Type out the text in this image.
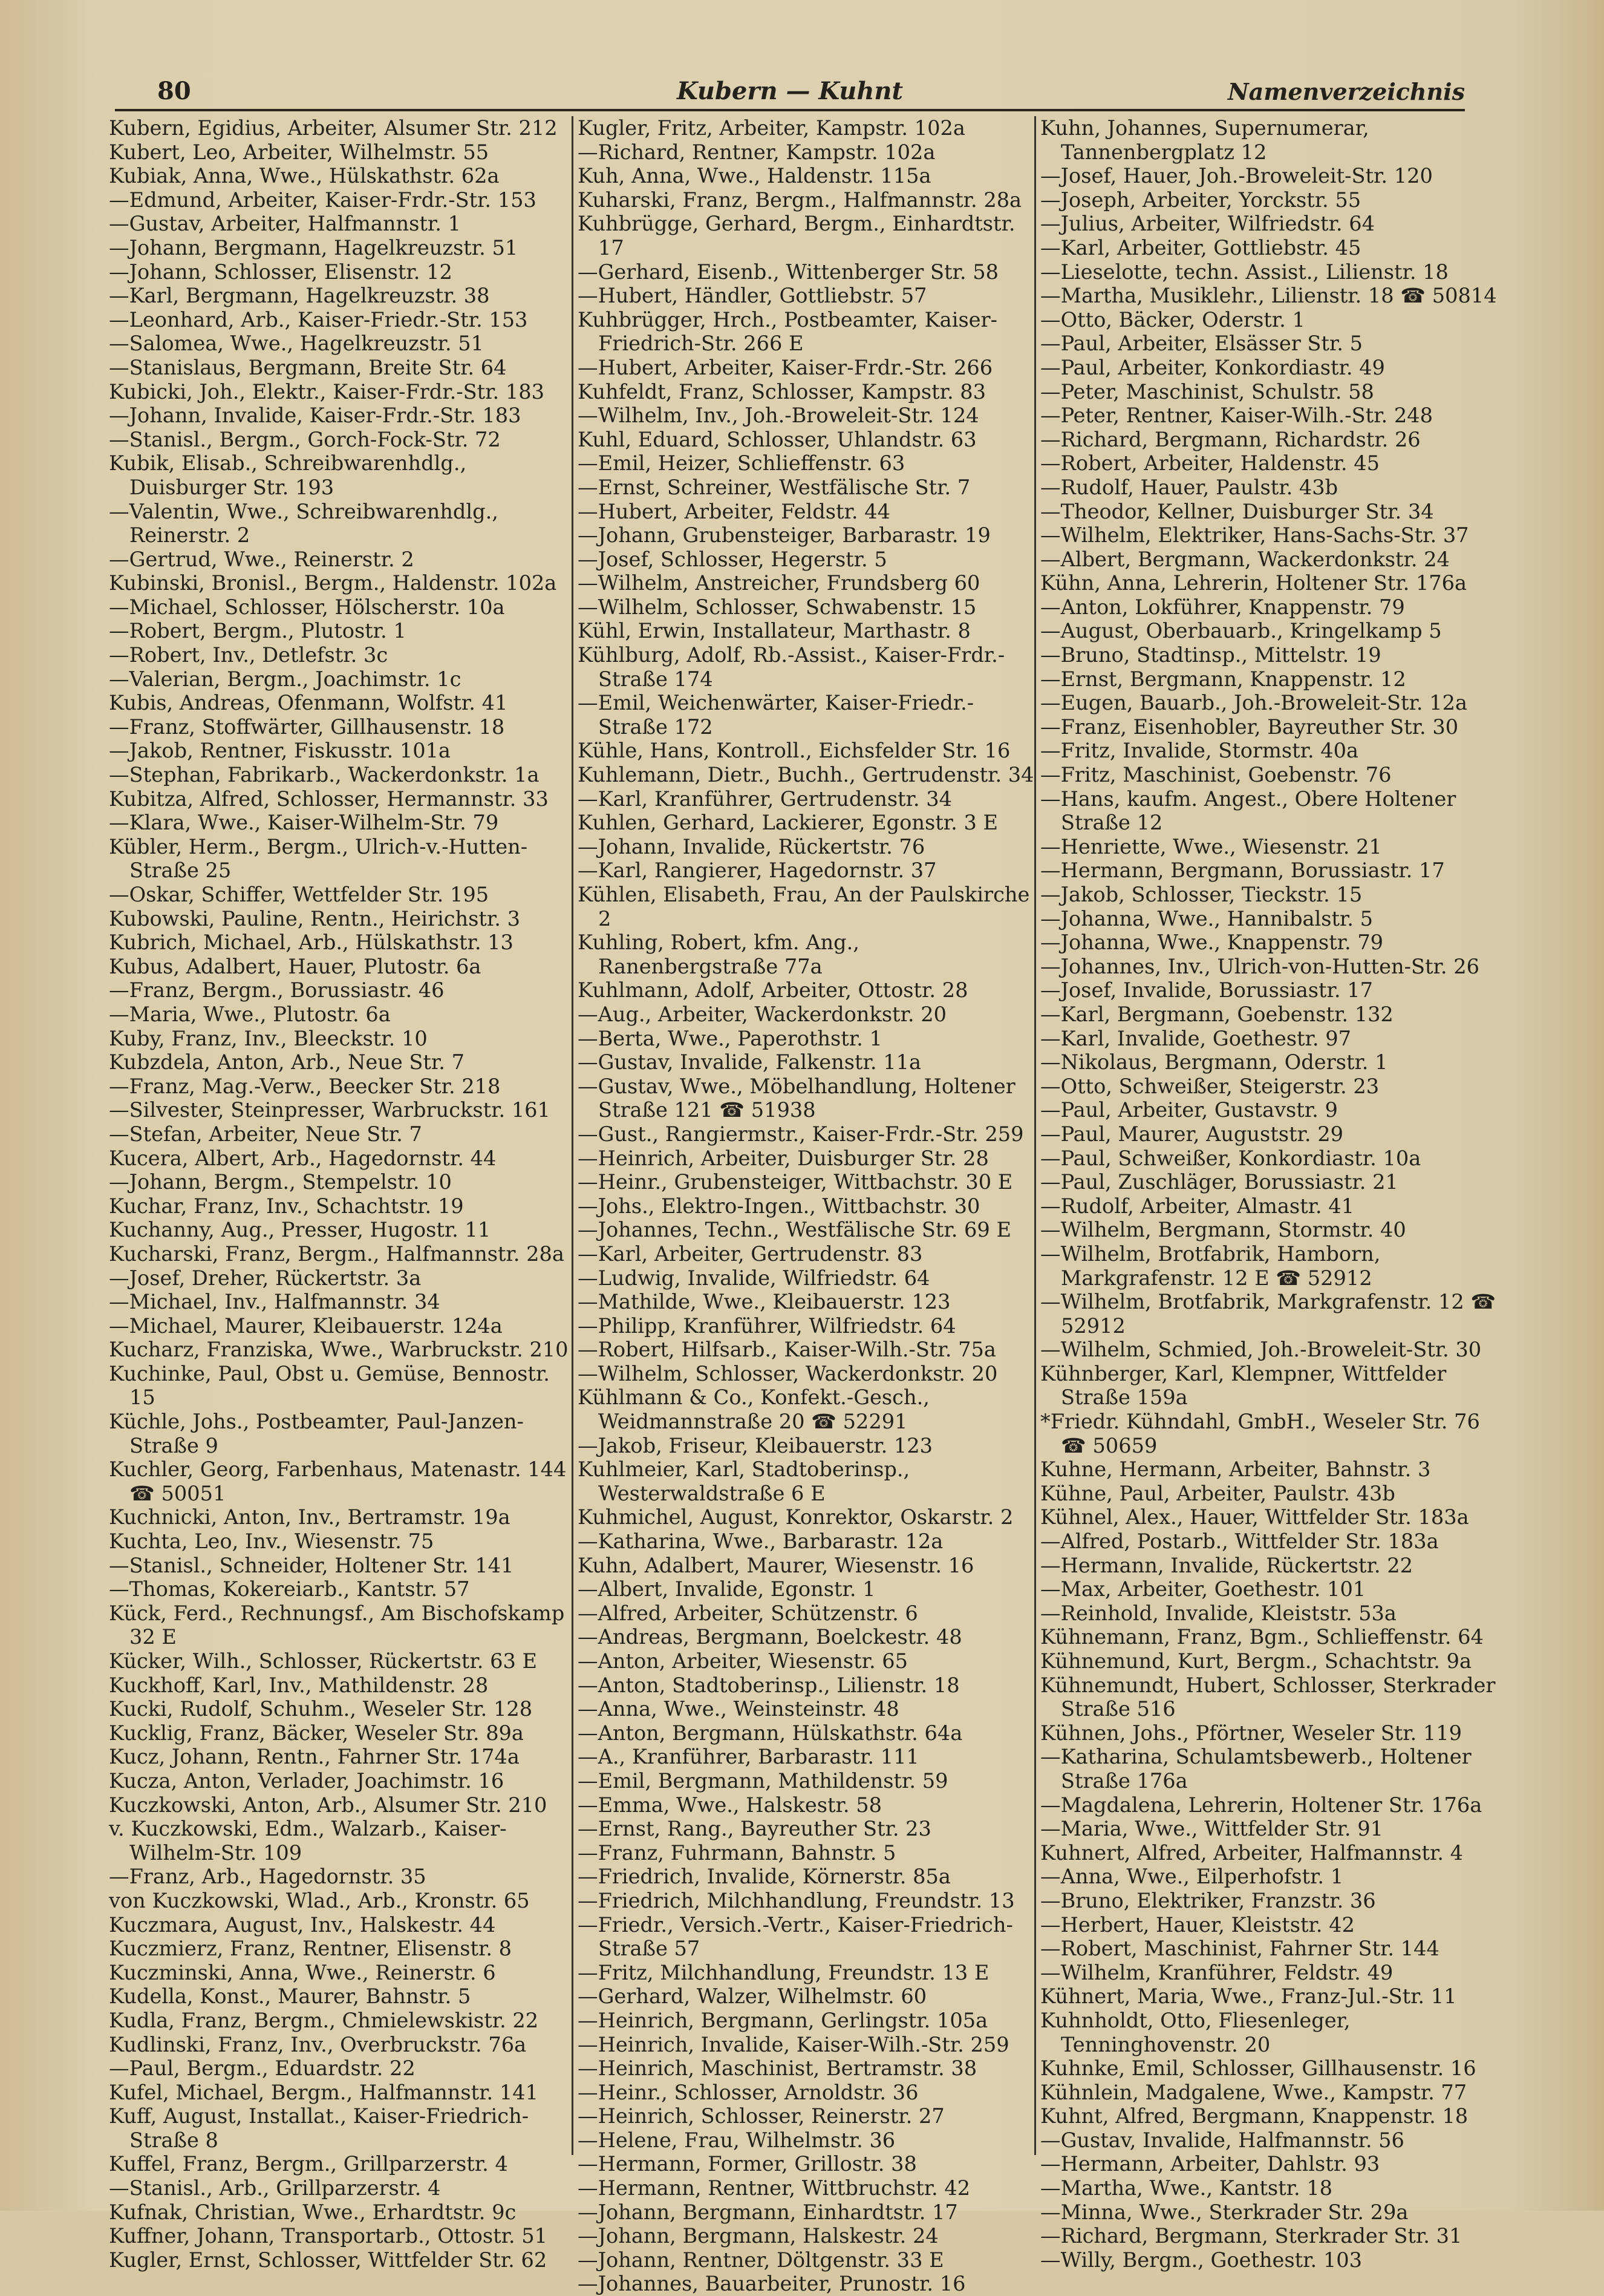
80	Kubern — Kuhnt	Namenverzeichnis
Kubern, Egidius, Arbeiter, Alsumer Str. 212
Kubert, Leo, Arbeiter, Wilhelmstr. 55
Kubiak, Anna, Wwe., Hülskathstr. 62a
—Edmund, Arbeiter, Kaiser-Frdr.-Str. 153
—Gustav, Arbeiter, Halfmannstr. 1
—Johann, Bergmann, Hagelkreuzstr. 51
—Johann, Schlosser, Elisenstr. 12
—Karl, Bergmann, Hagelkreuzstr. 38
—Leonhard, Arb., Kaiser-Friedr.-Str. 153
—Salomea, Wwe., Hagelkreuzstr. 51
—Stanislaus, Bergmann, Breite Str. 64
Kubicki, Joh., Elektr., Kaiser-Frdr.-Str. 183
—Johann, Invalide, Kaiser-Frdr.-Str. 183
—Stanisl., Bergm., Gorch-Fock-Str. 72
Kubik, Elisab., Schreibwarenhdlg., Duisburger Str. 193
—Valentin, Wwe., Schreibwarenhdlg., Reinerstr. 2
—Gertrud, Wwe., Reinerstr. 2
Kubinski, Bronisl., Bergm., Haldenstr. 102a
—Michael, Schlosser, Hölscherstr. 10a
—Robert, Bergm., Plutostr. 1
—Robert, Inv., Detlefstr. 3c
—Valerian, Bergm., Joachimstr. 1c
Kubis, Andreas, Ofenmann, Wolfstr. 41
—Franz, Stoffwärter, Gillhausenstr. 18
—Jakob, Rentner, Fiskusstr. 101a
—Stephan, Fabrikarb., Wackerdonkstr. 1a
Kubitza, Alfred, Schlosser, Hermannstr. 33
—Klara, Wwe., Kaiser-Wilhelm-Str. 79
Kübler, Herm., Bergm., Ulrich-v.-Hutten-Straße 25
—Oskar, Schiffer, Wettfelder Str. 195
Kubowski, Pauline, Rentn., Heirichstr. 3
Kubrich, Michael, Arb., Hülskathstr. 13
Kubus, Adalbert, Hauer, Plutostr. 6a
—Franz, Bergm., Borussiastr. 46
—Maria, Wwe., Plutostr. 6a
Kuby, Franz, Inv., Bleeckstr. 10
Kubzdela, Anton, Arb., Neue Str. 7
—Franz, Mag.-Verw., Beecker Str. 218
—Silvester, Steinpresser, Warbruckstr. 161
—Stefan, Arbeiter, Neue Str. 7
Kucera, Albert, Arb., Hagedornstr. 44
—Johann, Bergm., Stempelstr. 10
Kuchar, Franz, Inv., Schachtstr. 19
Kuchanny, Aug., Presser, Hugostr. 11
Kucharski, Franz, Bergm., Halfmannstr. 28a
—Josef, Dreher, Rückertstr. 3a
—Michael, Inv., Halfmannstr. 34
—Michael, Maurer, Kleibauerstr. 124a
Kucharz, Franziska, Wwe., Warbruckstr. 210
Kuchinke, Paul, Obst u. Gemüse, Bennostr. 15
Küchle, Johs., Postbeamter, Paul-Janzen-Straße 9
Kuchler, Georg, Farbenhaus, Matenastr. 144 ☎ 50051
Kuchnicki, Anton, Inv., Bertramstr. 19a
Kuchta, Leo, Inv., Wiesenstr. 75
—Stanisl., Schneider, Holtener Str. 141
—Thomas, Kokereiarb., Kantstr. 57
Kück, Ferd., Rechnungsf., Am Bischofskamp 32 E
Kücker, Wilh., Schlosser, Rückertstr. 63 E
Kuckhoff, Karl, Inv., Mathildenstr. 28
Kucki, Rudolf, Schuhm., Weseler Str. 128
Kucklig, Franz, Bäcker, Weseler Str. 89a
Kucz, Johann, Rentn., Fahrner Str. 174a
Kucza, Anton, Verlader, Joachimstr. 16
Kuczkowski, Anton, Arb., Alsumer Str. 210
v. Kuczkowski, Edm., Walzarb., Kaiser-Wilhelm-Str. 109
—Franz, Arb., Hagedornstr. 35
von Kuczkowski, Wlad., Arb., Kronstr. 65
Kuczmara, August, Inv., Halskestr. 44
Kuczmierz, Franz, Rentner, Elisenstr. 8
Kuczminski, Anna, Wwe., Reinerstr. 6
Kudella, Konst., Maurer, Bahnstr. 5
Kudla, Franz, Bergm., Chmielewskistr. 22
Kudlinski, Franz, Inv., Overbruckstr. 76a
—Paul, Bergm., Eduardstr. 22
Kufel, Michael, Bergm., Halfmannstr. 141
Kuff, August, Installat., Kaiser-Friedrich-Straße 8
Kuffel, Franz, Bergm., Grillparzerstr. 4
—Stanisl., Arb., Grillparzerstr. 4
Kufnak, Christian, Wwe., Erhardtstr. 9c
Kuffner, Johann, Transportarb., Ottostr. 51
Kugler, Ernst, Schlosser, Wittfelder Str. 62
Kugler, Fritz, Arbeiter, Kampstr. 102a
—Richard, Rentner, Kampstr. 102a
Kuh, Anna, Wwe., Haldenstr. 115a
Kuharski, Franz, Bergm., Halfmannstr. 28a
Kuhbrügge, Gerhard, Bergm., Einhardtstr. 17
—Gerhard, Eisenb., Wittenberger Str. 58
—Hubert, Händler, Gottliebstr. 57
Kuhbrügger, Hrch., Postbeamter, Kaiser-Friedrich-Str. 266 E
—Hubert, Arbeiter, Kaiser-Frdr.-Str. 266
Kuhfeldt, Franz, Schlosser, Kampstr. 83
—Wilhelm, Inv., Joh.-Broweleit-Str. 124
Kuhl, Eduard, Schlosser, Uhlandstr. 63
—Emil, Heizer, Schlieffenstr. 63
—Ernst, Schreiner, Westfälische Str. 7
—Hubert, Arbeiter, Feldstr. 44
—Johann, Grubensteiger, Barbarastr. 19
—Josef, Schlosser, Hegerstr. 5
—Wilhelm, Anstreicher, Frundsberg 60
—Wilhelm, Schlosser, Schwabenstr. 15
Kühl, Erwin, Installateur, Marthastr. 8
Kühlburg, Adolf, Rb.-Assist., Kaiser-Frdr.-Straße 174
—Emil, Weichenwärter, Kaiser-Friedr.-Straße 172
Kühle, Hans, Kontroll., Eichsfelder Str. 16
Kuhlemann, Dietr., Buchh., Gertrudenstr. 34
—Karl, Kranführer, Gertrudenstr. 34
Kuhlen, Gerhard, Lackierer, Egonstr. 3 E
—Johann, Invalide, Rückertstr. 76
—Karl, Rangierer, Hagedornstr. 37
Kühlen, Elisabeth, Frau, An der Paulskirche 2
Kuhling, Robert, kfm. Ang., Ranenbergstraße 77a
Kuhlmann, Adolf, Arbeiter, Ottostr. 28
—Aug., Arbeiter, Wackerdonkstr. 20
—Berta, Wwe., Paperothstr. 1
—Gustav, Invalide, Falkenstr. 11a
—Gustav, Wwe., Möbelhandlung, Holtener Straße 121 ☎ 51938
—Gust., Rangiermstr., Kaiser-Frdr.-Str. 259
—Heinrich, Arbeiter, Duisburger Str. 28
—Heinr., Grubensteiger, Wittbachstr. 30 E
—Johs., Elektro-Ingen., Wittbachstr. 30
—Johannes, Techn., Westfälische Str. 69 E
—Karl, Arbeiter, Gertrudenstr. 83
—Ludwig, Invalide, Wilfriedstr. 64
—Mathilde, Wwe., Kleibauerstr. 123
—Philipp, Kranführer, Wilfriedstr. 64
—Robert, Hilfsarb., Kaiser-Wilh.-Str. 75a
—Wilhelm, Schlosser, Wackerdonkstr. 20
Kühlmann & Co., Konfekt.-Gesch., Weidmannstraße 20 ☎ 52291
—Jakob, Friseur, Kleibauerstr. 123
Kuhlmeier, Karl, Stadtoberinsp., Westerwaldstraße 6 E
Kuhmichel, August, Konrektor, Oskarstr. 2
—Katharina, Wwe., Barbarastr. 12a
Kuhn, Adalbert, Maurer, Wiesenstr. 16
—Albert, Invalide, Egonstr. 1
—Alfred, Arbeiter, Schützenstr. 6
—Andreas, Bergmann, Boelckestr. 48
—Anton, Arbeiter, Wiesenstr. 65
—Anton, Stadtoberinsp., Lilienstr. 18
—Anna, Wwe., Weinsteinstr. 48
—Anton, Bergmann, Hülskathstr. 64a
—A., Kranführer, Barbarastr. 111
—Emil, Bergmann, Mathildenstr. 59
—Emma, Wwe., Halskestr. 58
—Ernst, Rang., Bayreuther Str. 23
—Franz, Fuhrmann, Bahnstr. 5
—Friedrich, Invalide, Körnerstr. 85a
—Friedrich, Milchhandlung, Freundstr. 13
—Friedr., Versich.-Vertr., Kaiser-Friedrich-Straße 57
—Fritz, Milchhandlung, Freundstr. 13 E
—Gerhard, Walzer, Wilhelmstr. 60
—Heinrich, Bergmann, Gerlingstr. 105a
—Heinrich, Invalide, Kaiser-Wilh.-Str. 259
—Heinrich, Maschinist, Bertramstr. 38
—Heinr., Schlosser, Arnoldstr. 36
—Heinrich, Schlosser, Reinerstr. 27
—Helene, Frau, Wilhelmstr. 36
—Hermann, Former, Grillostr. 38
—Hermann, Rentner, Wittbruchstr. 42
—Johann, Bergmann, Einhardtstr. 17
—Johann, Bergmann, Halskestr. 24
—Johann, Rentner, Döltgenstr. 33 E
—Johannes, Bauarbeiter, Prunostr. 16
Kuhn, Johannes, Supernumerar, Tannenbergplatz 12
—Josef, Hauer, Joh.-Broweleit-Str. 120
—Joseph, Arbeiter, Yorckstr. 55
—Julius, Arbeiter, Wilfriedstr. 64
—Karl, Arbeiter, Gottliebstr. 45
—Lieselotte, techn. Assist., Lilienstr. 18
—Martha, Musiklehr., Lilienstr. 18 ☎ 50814
—Otto, Bäcker, Oderstr. 1
—Paul, Arbeiter, Elsässer Str. 5
—Paul, Arbeiter, Konkordiastr. 49
—Peter, Maschinist, Schulstr. 58
—Peter, Rentner, Kaiser-Wilh.-Str. 248
—Richard, Bergmann, Richardstr. 26
—Robert, Arbeiter, Haldenstr. 45
—Rudolf, Hauer, Paulstr. 43b
—Theodor, Kellner, Duisburger Str. 34
—Wilhelm, Elektriker, Hans-Sachs-Str. 37
—Albert, Bergmann, Wackerdonkstr. 24
Kühn, Anna, Lehrerin, Holtener Str. 176a
—Anton, Lokführer, Knappenstr. 79
—August, Oberbauarb., Kringelkamp 5
—Bruno, Stadtinsp., Mittelstr. 19
—Ernst, Bergmann, Knappenstr. 12
—Eugen, Bauarb., Joh.-Broweleit-Str. 12a
—Franz, Eisenhobler, Bayreuther Str. 30
—Fritz, Invalide, Stormstr. 40a
—Fritz, Maschinist, Goebenstr. 76
—Hans, kaufm. Angest., Obere Holtener Straße 12
—Henriette, Wwe., Wiesenstr. 21
—Hermann, Bergmann, Borussiastr. 17
—Jakob, Schlosser, Tieckstr. 15
—Johanna, Wwe., Hannibalstr. 5
—Johanna, Wwe., Knappenstr. 79
—Johannes, Inv., Ulrich-von-Hutten-Str. 26
—Josef, Invalide, Borussiastr. 17
—Karl, Bergmann, Goebenstr. 132
—Karl, Invalide, Goethestr. 97
—Nikolaus, Bergmann, Oderstr. 1
—Otto, Schweißer, Steigerstr. 23
—Paul, Arbeiter, Gustavstr. 9
—Paul, Maurer, Auguststr. 29
—Paul, Schweißer, Konkordiastr. 10a
—Paul, Zuschläger, Borussiastr. 21
—Rudolf, Arbeiter, Almastr. 41
—Wilhelm, Bergmann, Stormstr. 40
—Wilhelm, Brotfabrik, Hamborn, Markgrafenstr. 12 E ☎ 52912
—Wilhelm, Brotfabrik, Markgrafenstr. 12 ☎ 52912
—Wilhelm, Schmied, Joh.-Broweleit-Str. 30
Kühnberger, Karl, Klempner, Wittfelder Straße 159a
*Friedr. Kühndahl, GmbH., Weseler Str. 76 ☎ 50659
Kuhne, Hermann, Arbeiter, Bahnstr. 3
Kühne, Paul, Arbeiter, Paulstr. 43b
Kühnel, Alex., Hauer, Wittfelder Str. 183a
—Alfred, Postarb., Wittfelder Str. 183a
—Hermann, Invalide, Rückertstr. 22
—Max, Arbeiter, Goethestr. 101
—Reinhold, Invalide, Kleiststr. 53a
Kühnemann, Franz, Bgm., Schlieffenstr. 64
Kühnemund, Kurt, Bergm., Schachtstr. 9a
Kühnemundt, Hubert, Schlosser, Sterkrader Straße 516
Kühnen, Johs., Pförtner, Weseler Str. 119
—Katharina, Schulamtsbewerb., Holtener Straße 176a
—Magdalena, Lehrerin, Holtener Str. 176a
—Maria, Wwe., Wittfelder Str. 91
Kuhnert, Alfred, Arbeiter, Halfmannstr. 4
—Anna, Wwe., Eilperhofstr. 1
—Bruno, Elektriker, Franzstr. 36
—Herbert, Hauer, Kleiststr. 42
—Robert, Maschinist, Fahrner Str. 144
—Wilhelm, Kranführer, Feldstr. 49
Kühnert, Maria, Wwe., Franz-Jul.-Str. 11
Kuhnholdt, Otto, Fliesenleger, Tenninghovenstr. 20
Kuhnke, Emil, Schlosser, Gillhausenstr. 16
Kühnlein, Madgalene, Wwe., Kampstr. 77
Kuhnt, Alfred, Bergmann, Knappenstr. 18
—Gustav, Invalide, Halfmannstr. 56
—Hermann, Arbeiter, Dahlstr. 93
—Martha, Wwe., Kantstr. 18
—Minna, Wwe., Sterkrader Str. 29a
—Richard, Bergmann, Sterkrader Str. 31
—Willy, Bergm., Goethestr. 103
